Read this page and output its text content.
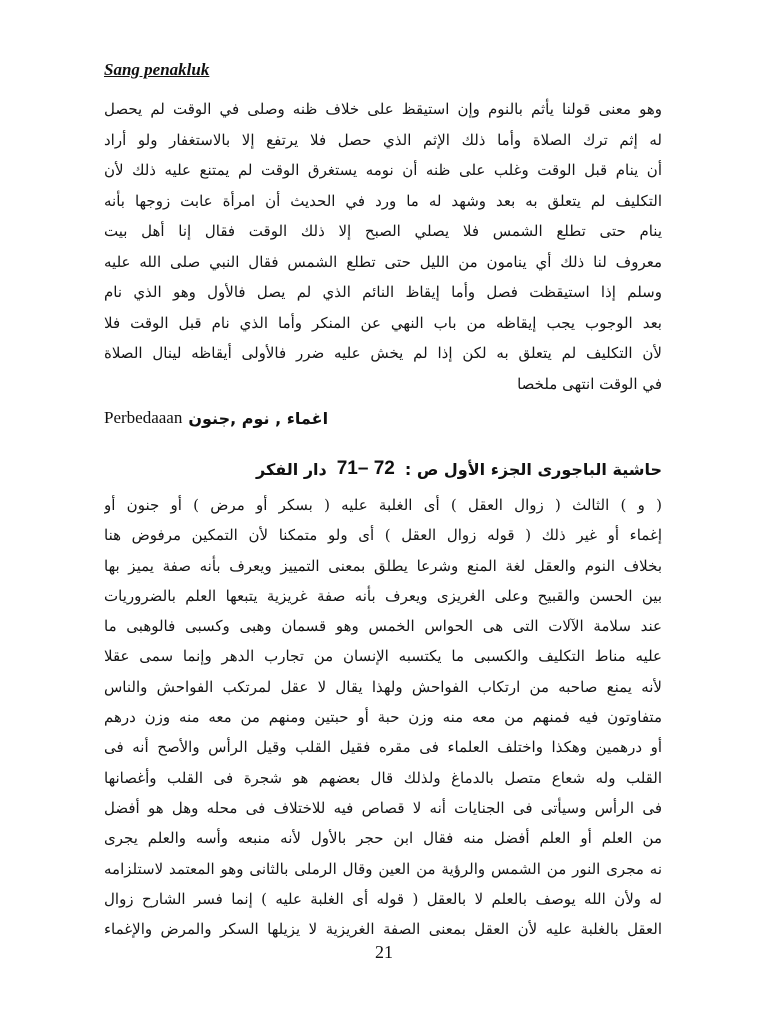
Sang penakluk
وهو معنى قولنا يأثم بالنوم وإن استيقظ على خلاف ظنه وصلى في الوقت لم يحصل
له إثم ترك الصلاة وأما ذلك الإثم الذي حصل فلا يرتفع إلا بالاستغفار ولو أراد
أن ينام قبل الوقت وغلب على ظنه أن نومه يستغرق الوقت لم يمتنع عليه ذلك لأن
التكليف لم يتعلق به بعد وشهد له ما ورد في الحديث أن امرأة عابت زوجها بأنه
ينام حتى تطلع الشمس فلا يصلي الصبح إلا ذلك الوقت فقال إنا أهل بيت
معروف لنا ذلك أي ينامون من الليل حتى تطلع الشمس فقال النبي صلى الله عليه
وسلم إذا استيقظت فصل وأما إيقاظ النائم الذي لم يصل فالأول وهو الذي نام
بعد الوجوب يجب إيقاظه من باب النهي عن المنكر وأما الذي نام قبل الوقت فلا
لأن التكليف لم يتعلق به لكن إذا لم يخش عليه ضرر فالأولى أيقاظه لينال الصلاة
في الوقت انتهى ملخصا
Perbedaaan اغماء , نوم ,جنون
حاشية الباجورى الجزء الأول ص :
71– 72
دار الفكر
( و ) الثالث ( زوال العقل ) أى الغلبة عليه ( بسكر أو مرض ) أو جنون أو
إغماء أو غير ذلك ( قوله زوال العقل ) أى ولو متمكنا لأن التمكين مرفوض هنا
بخلاف النوم والعقل لغة المنع وشرعا يطلق بمعنى التمييز ويعرف بأنه صفة يميز بها
بين الحسن والقبيح وعلى الغريزى ويعرف بأنه صفة غريزية يتبعها العلم بالضروريات
عند سلامة الآلات التى هى الحواس الخمس وهو قسمان وهبى وكسبى فالوهبى ما
عليه مناط التكليف والكسبى ما يكتسبه الإنسان من تجارب الدهر وإنما سمى عقلا
لأنه يمنع صاحبه من ارتكاب الفواحش ولهذا يقال لا عقل لمرتكب الفواحش والناس
متفاوتون فيه فمنهم من معه منه وزن حبة أو حبتين ومنهم من معه منه وزن درهم
أو درهمين وهكذا واختلف العلماء فى مقره فقيل القلب وقيل الرأس والأصح أنه فى
القلب وله شعاع متصل بالدماغ ولذلك قال بعضهم هو شجرة فى القلب وأغصانها
فى الرأس وسيأتى فى الجنايات أنه لا قصاص فيه للاختلاف فى محله وهل هو أفضل
من العلم أو العلم أفضل منه فقال ابن حجر بالأول لأنه منبعه وأسه والعلم يجرى
نه مجرى النور من الشمس والرؤية من العين وقال الرملى بالثانى وهو المعتمد لاستلزامه
له ولأن الله يوصف بالعلم لا بالعقل ( قوله أى الغلبة عليه ) إنما فسر الشارح زوال
العقل بالغلبة عليه لأن العقل بمعنى الصفة الغريزية لا يزيلها السكر والمرض والإغماء
21
